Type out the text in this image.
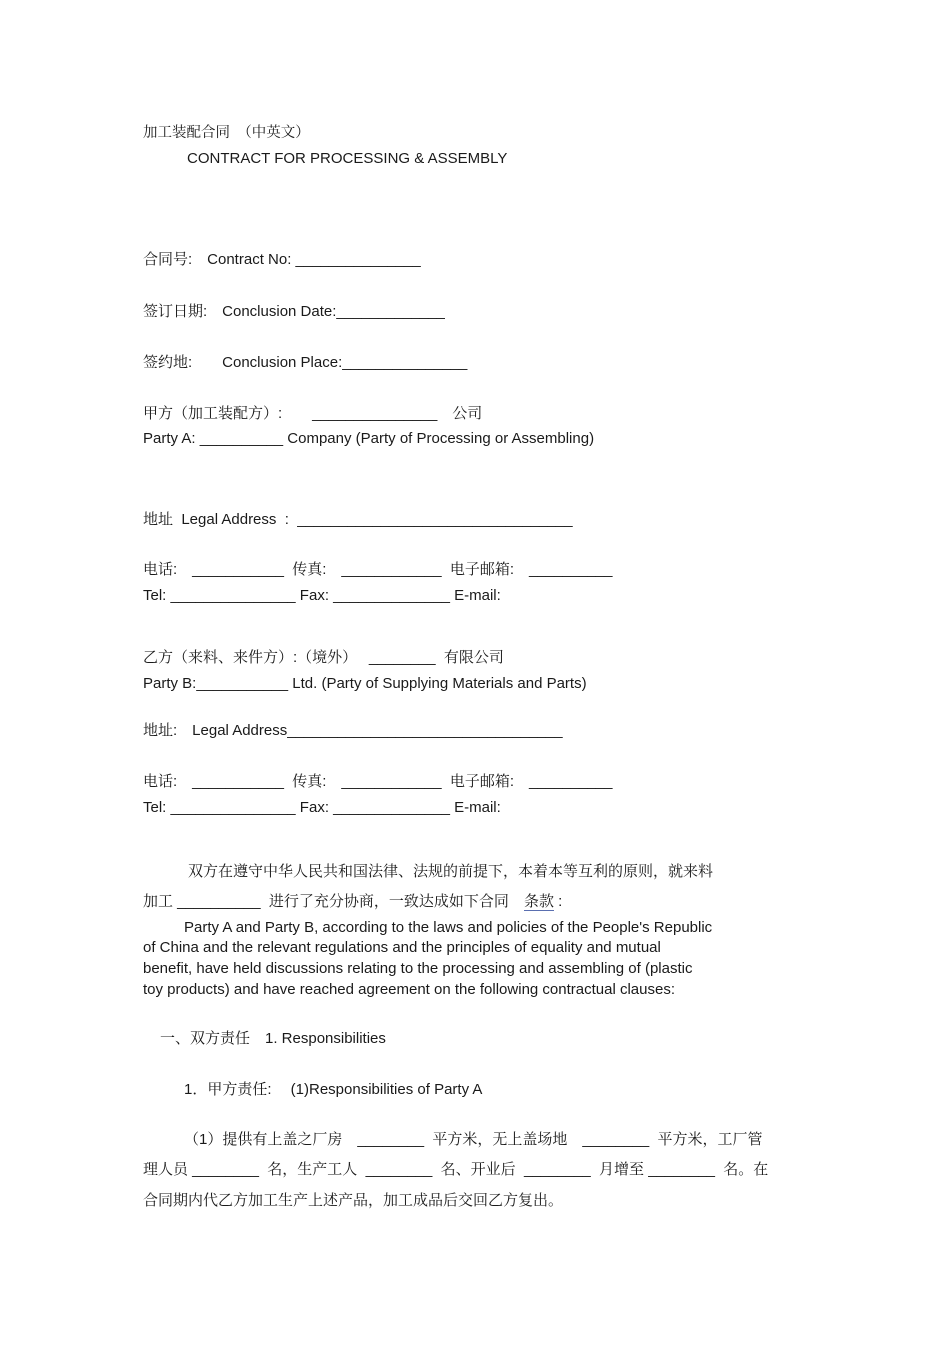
加工装配合同　（中英文）
CONTRACT FOR PROCESSING & ASSEMBLY
合同号:　Contract No: _______________
签订日期:　Conclusion Date:_____________
签约地:　　Conclusion Place:_______________
甲方（加工装配方）:　　_______________　公司
Party A: __________ Company (Party of Processing or Assembling)
地址  Legal Address  :  _________________________________
电话:　___________  传真:　____________  电子邮箱:　__________
Tel: _______________ Fax: ______________ E-mail:
乙方（来料、来件方）:（境外）　 ________  有限公司
Party B:___________ Ltd. (Party of Supplying Materials and Parts)
地址:　Legal Address_________________________________
电话:　___________  传真:　____________  电子邮箱:　__________
Tel: _______________ Fax: ______________ E-mail:
　　　双方在遵守中华人民共和国法律、法规的前提下，本着本等互利的原则，就来料
加工 __________  进行了充分协商，一致达成如下合同　条款 :
Party A and Party B, according to the laws and policies of the People's Republic
of China and the relevant regulations and the principles of equality and mutual
benefit, have held discussions relating to the processing and assembling of (plastic
toy products) and have reached agreement on the following contractual clauses:
一、双方责任　1. Responsibilities
1．甲方责任:　 (1)Responsibilities of Party A
（1）提供有上盖之厂房　________  平方米，无上盖场地　________  平方米，工厂管
理人员 ________  名，生产工人  ________  名、开业后  ________  月增至 ________  名。在
合同期内代乙方加工生产上述产品，加工成品后交回乙方复出。
